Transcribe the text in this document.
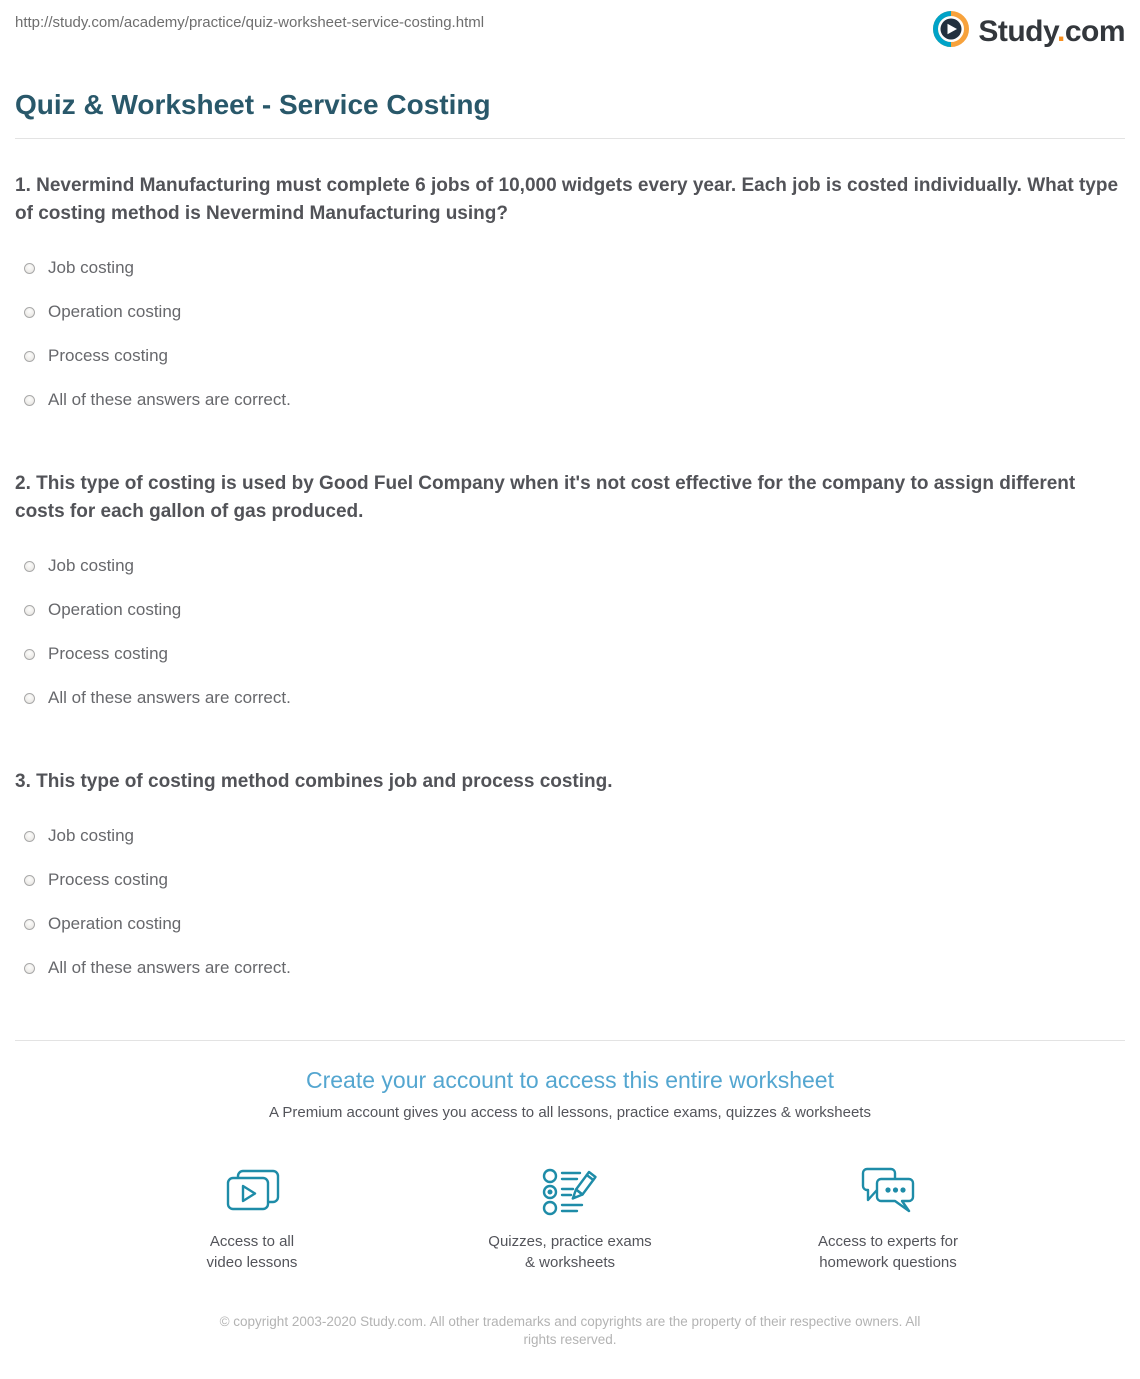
http://study.com/academy/practice/quiz-worksheet-service-costing.html	Study.com
Quiz & Worksheet - Service Costing
1. Nevermind Manufacturing must complete 6 jobs of 10,000 widgets every year. Each job is costed individually. What type of costing method is Nevermind Manufacturing using?
Job costing
Operation costing
Process costing
All of these answers are correct.
2. This type of costing is used by Good Fuel Company when it's not cost effective for the company to assign different costs for each gallon of gas produced.
Job costing
Operation costing
Process costing
All of these answers are correct.
3. This type of costing method combines job and process costing.
Job costing
Process costing
Operation costing
All of these answers are correct.
Create your account to access this entire worksheet
A Premium account gives you access to all lessons, practice exams, quizzes & worksheets
Access to all
video lessons
Quizzes, practice exams
& worksheets
Access to experts for
homework questions
© copyright 2003-2020 Study.com. All other trademarks and copyrights are the property of their respective owners. All rights reserved.
